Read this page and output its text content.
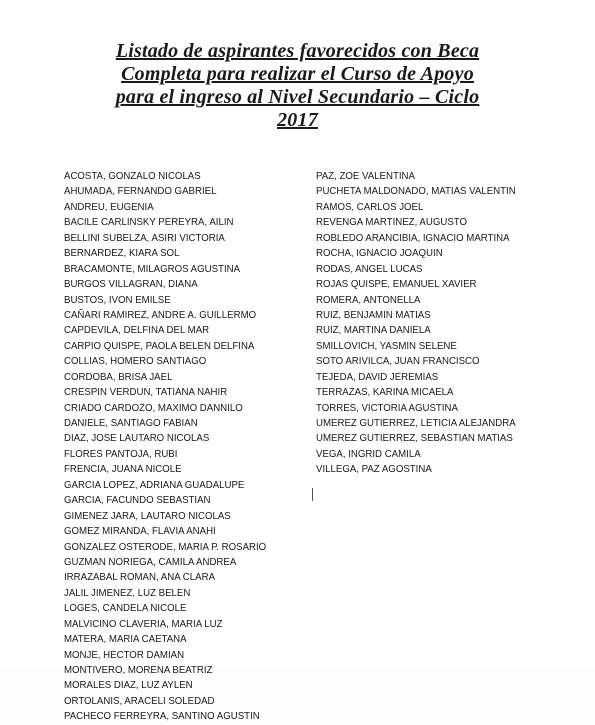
Listado de aspirantes favorecidos con Beca
Completa para realizar el Curso de Apoyo
para el ingreso al Nivel Secundario – Ciclo
2017
ACOSTA, GONZALO NICOLAS
AHUMADA, FERNANDO GABRIEL
ANDREU, EUGENIA
BACILE CARLINSKY PEREYRA, AILIN
BELLINI SUBELZA, ASIRI VICTORIA
BERNARDEZ, KIARA SOL
BRACAMONTE, MILAGROS AGUSTINA
BURGOS VILLAGRAN, DIANA
BUSTOS, IVON EMILSE
CAÑARI RAMIREZ, ANDRE A. GUILLERMO
CAPDEVILA, DELFINA DEL MAR
CARPIO QUISPE, PAOLA BELEN DELFINA
COLLIAS, HOMERO SANTIAGO
CORDOBA, BRISA JAEL
CRESPIN VERDUN, TATIANA NAHIR
CRIADO CARDOZO, MAXIMO DANNILO
DANIELE, SANTIAGO FABIAN
DIAZ, JOSE LAUTARO NICOLAS
FLORES PANTOJA, RUBI
FRENCIA, JUANA NICOLE
GARCIA LOPEZ, ADRIANA GUADALUPE
GARCIA, FACUNDO SEBASTIAN
GIMENEZ JARA, LAUTARO NICOLAS
GOMEZ MIRANDA, FLAVIA ANAHI
GONZALEZ OSTERODE, MARIA P. ROSARIO
GUZMAN NORIEGA, CAMILA ANDREA
IRRAZABAL ROMAN, ANA CLARA
JALIL JIMENEZ, LUZ BELEN
LOGES, CANDELA NICOLE
MALVICINO CLAVERIA, MARIA LUZ
MATERA, MARIA CAETANA
MONJE, HECTOR DAMIAN
MONTIVERO, MORENA BEATRIZ
MORALES DIAZ, LUZ AYLEN
ORTOLANIS, ARACELI SOLEDAD
PACHECO FERREYRA, SANTINO AGUSTIN
PAZ, ZOE VALENTINA
PUCHETA MALDONADO, MATIAS VALENTIN
RAMOS, CARLOS JOEL
REVENGA MARTINEZ, AUGUSTO
ROBLEDO ARANCIBIA, IGNACIO MARTINA
ROCHA, IGNACIO JOAQUIN
RODAS, ANGEL LUCAS
ROJAS QUISPE, EMANUEL XAVIER
ROMERA, ANTONELLA
RUIZ, BENJAMIN MATIAS
RUIZ, MARTINA DANIELA
SMILLOVICH, YASMIN SELENE
SOTO ARIVILCA, JUAN FRANCISCO
TEJEDA, DAVID JEREMIAS
TERRAZAS, KARINA MICAELA
TORRES, VICTORIA AGUSTINA
UMEREZ GUTIERREZ, LETICIA ALEJANDRA
UMEREZ GUTIERREZ, SEBASTIAN MATIAS
VEGA, INGRID CAMILA
VILLEGA, PAZ AGOSTINA
